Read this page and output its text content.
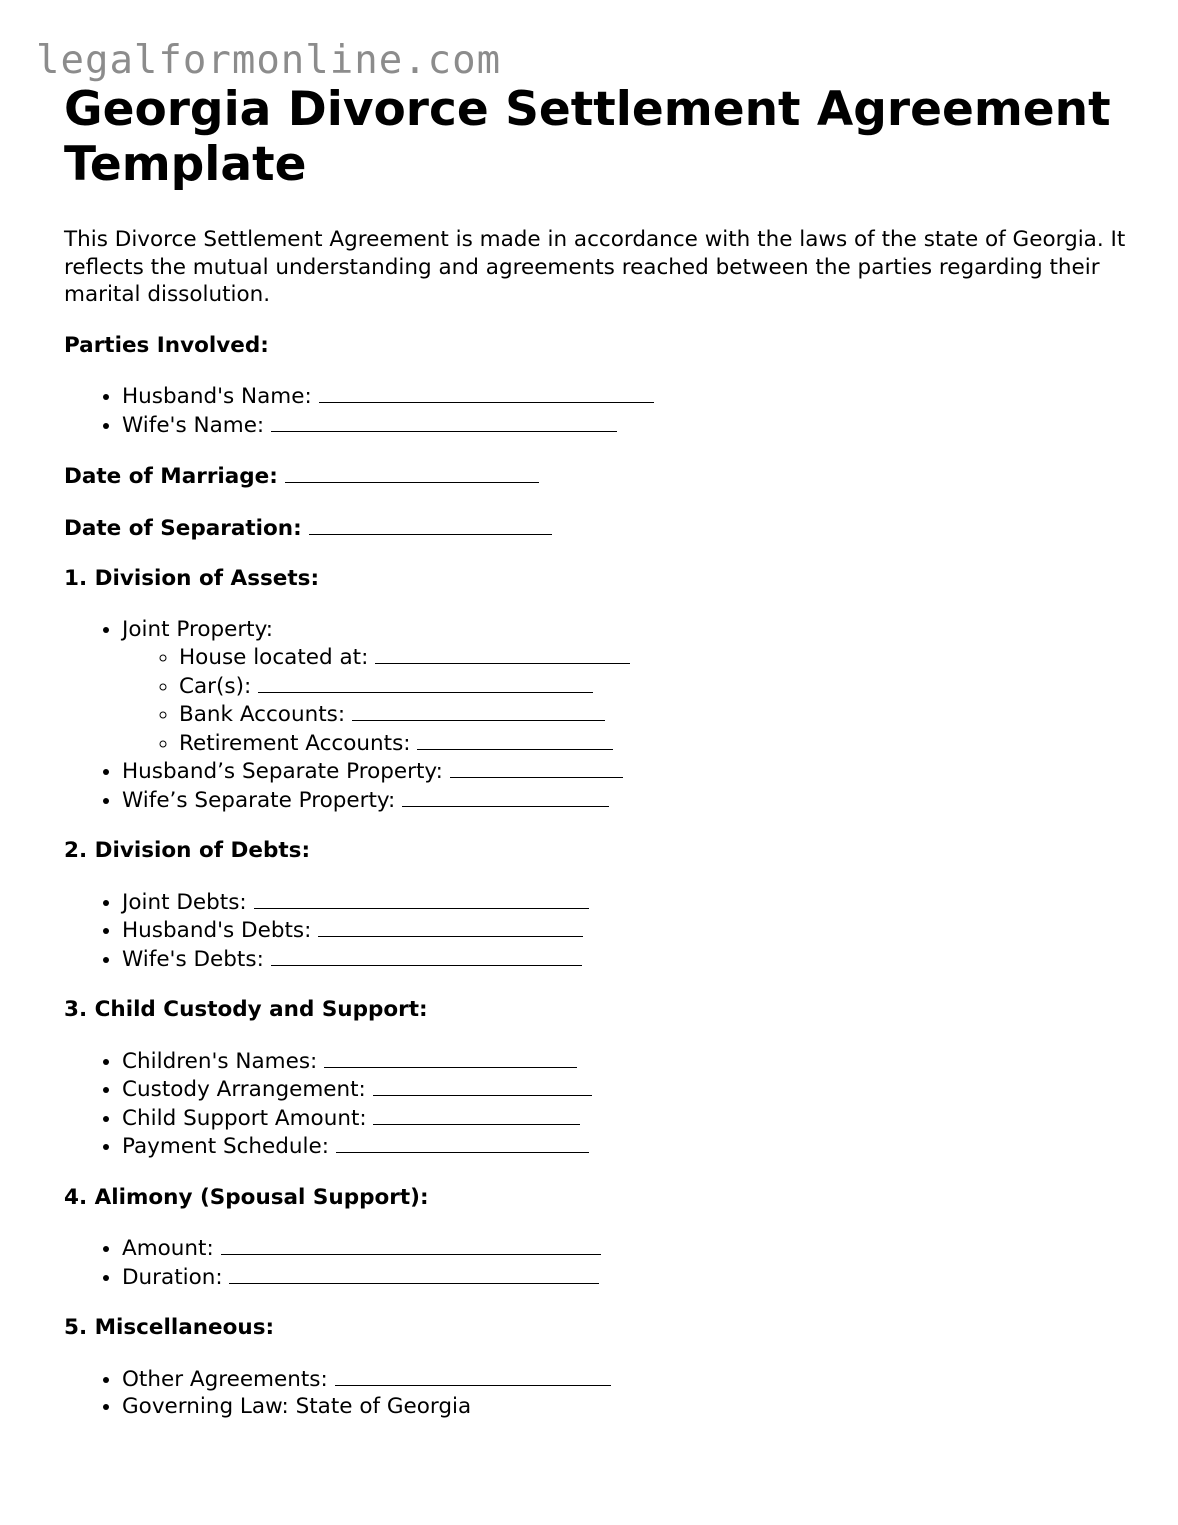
legalformonline.com
Georgia Divorce Settlement Agreement Template

This Divorce Settlement Agreement is made in accordance with the laws of the state of Georgia. It reflects the mutual understanding and agreements reached between the parties regarding their marital dissolution.

Parties Involved:

• Husband's Name:
• Wife's Name:

Date of Marriage:

Date of Separation:

1. Division of Assets:

• Joint Property:
◦ House located at:
◦ Car(s):
◦ Bank Accounts:
◦ Retirement Accounts:
• Husband’s Separate Property:
• Wife’s Separate Property:

2. Division of Debts:

• Joint Debts:
• Husband's Debts:
• Wife's Debts:

3. Child Custody and Support:

• Children's Names:
• Custody Arrangement:
• Child Support Amount:
• Payment Schedule:

4. Alimony (Spousal Support):

• Amount:
• Duration:

5. Miscellaneous:

• Other Agreements:
• Governing Law: State of Georgia
